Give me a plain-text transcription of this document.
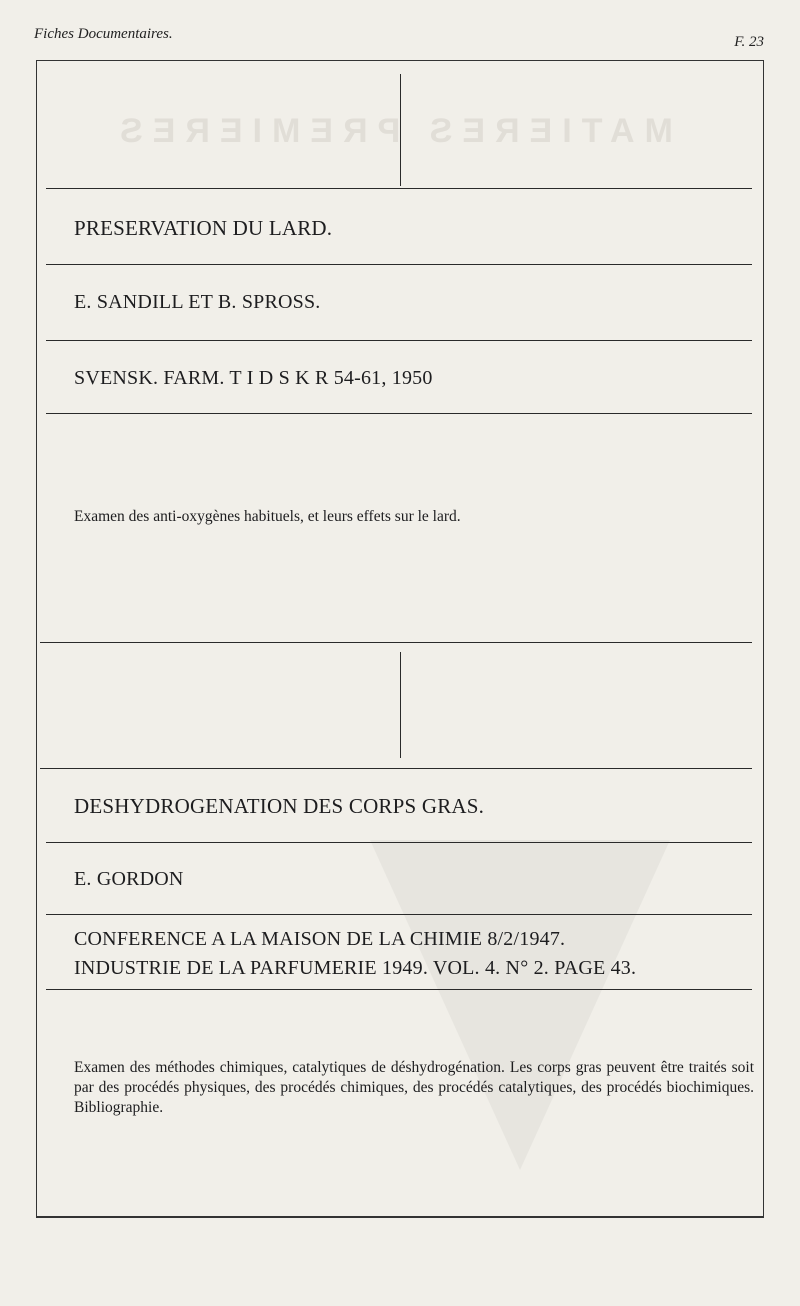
MATIERES PREMIERES
Fiches Documentaires.	F. 23
PRESERVATION DU LARD.
E. SANDILL ET B. SPROSS.
SVENSK. FARM. T I D S K R 54-61, 1950
Examen des anti-oxygènes habituels, et leurs effets sur le lard.
DESHYDROGENATION DES CORPS GRAS.
E. GORDON
CONFERENCE A LA MAISON DE LA CHIMIE 8/2/1947.
INDUSTRIE DE LA PARFUMERIE 1949. VOL. 4. N° 2. PAGE 43.
Examen des méthodes chimiques, catalytiques de déshydrogénation. Les corps gras peuvent être traités soit par des procédés physiques, des procédés chimiques, des procédés catalytiques, des procédés biochimiques. Bibliographie.
